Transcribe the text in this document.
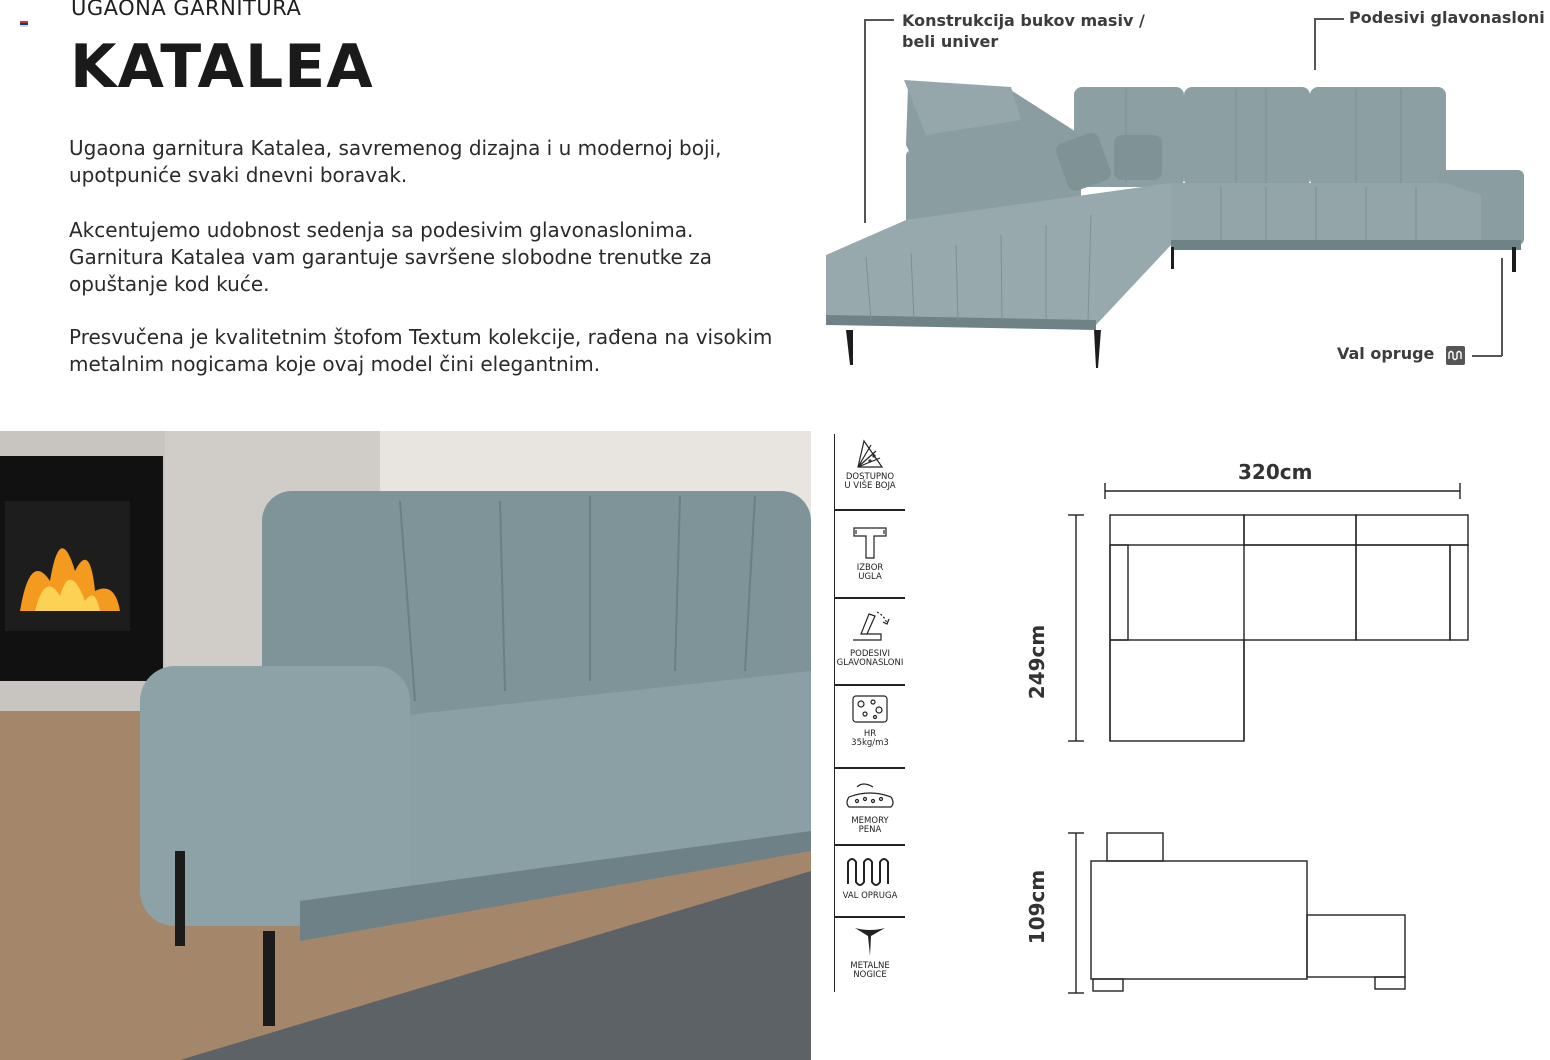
UGAONA GARNITURA
KATALEA
Ugaona garnitura Katalea, savremenog dizajna i u modernoj boji,
upotpuniće svaki dnevni boravak.
Akcentujemo udobnost sedenja sa podesivim glavonaslonima.
Garnitura Katalea vam garantuje savršene slobodne trenutke za
opuštanje kod kuće.
Presvučena je kvalitetnim štofom Textum kolekcije, rađena na visokim
metalnim nogicama koje ovaj model čini elegantnim.
Konstrukcija bukov masiv /
beli univer
Podesivi glavonasloni
Val opruge
DOSTUPNO
U VIŠE BOJA
IZBOR
UGLA
PODESIVI
GLAVONASLONI
HR
35kg/m3
MEMORY
PENA
VAL OPRUGA
METALNE
NOGICE
320cm
249cm
109cm
